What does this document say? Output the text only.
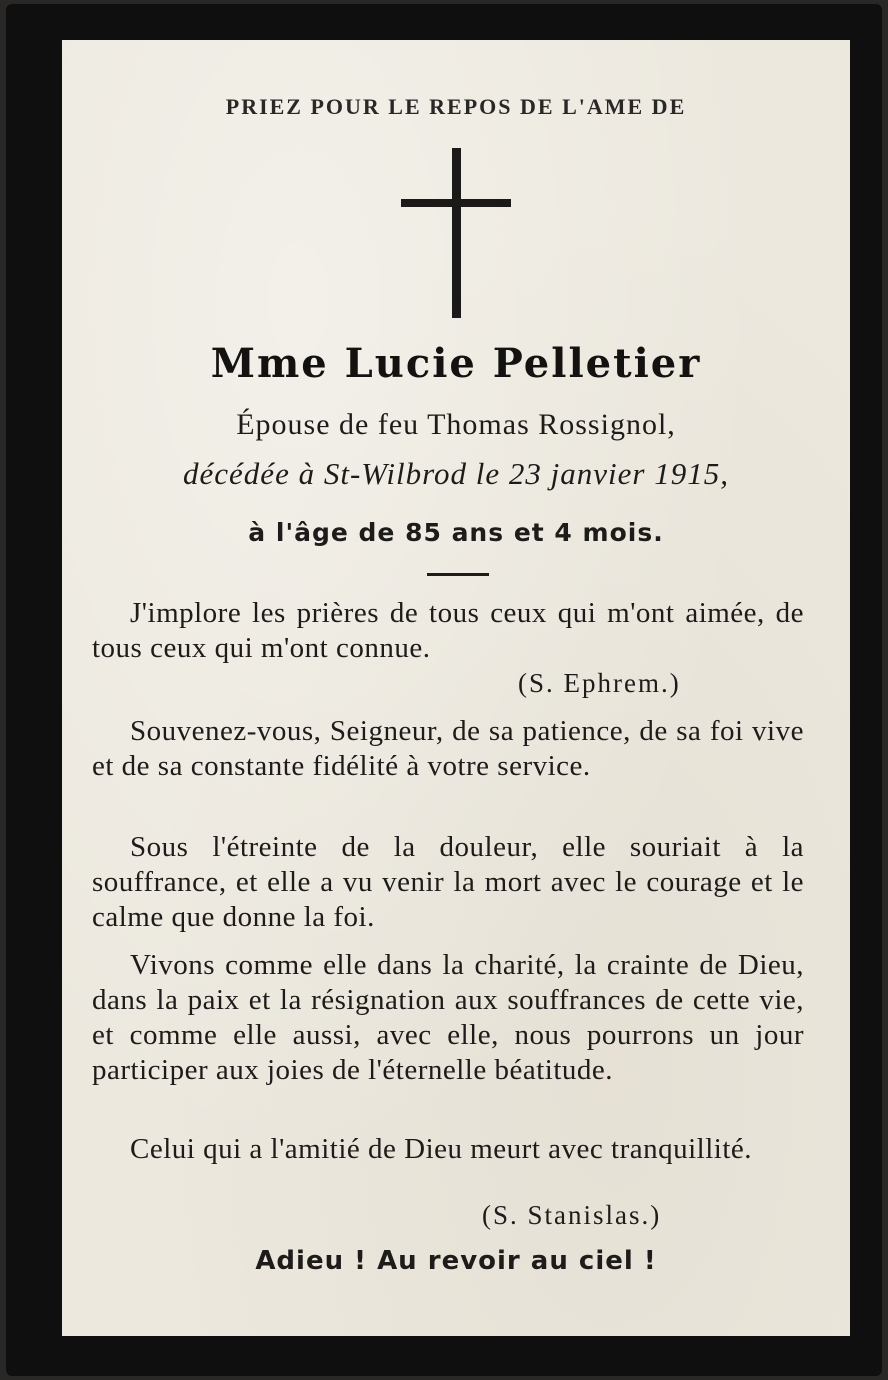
PRIEZ POUR LE REPOS DE L'AME DE
Mme Lucie Pelletier
Épouse de feu Thomas Rossignol,
décédée à St-Wilbrod le 23 janvier 1915,
à l'âge de 85 ans et 4 mois.

J'implore les prières de tous ceux qui m'ont aimée, de tous ceux qui m'ont connue.

(S. Ephrem.)

Souvenez-vous, Seigneur, de sa patience, de sa foi vive et de sa constante fidélité à votre service.

Sous l'étreinte de la douleur, elle souriait à la souffrance, et elle a vu venir la mort avec le courage et le calme que donne la foi.

Vivons comme elle dans la charité, la crainte de Dieu, dans la paix et la résignation aux souffrances de cette vie, et comme elle aussi, avec elle, nous pourrons un jour participer aux joies de l'éternelle béatitude.

Celui qui a l'amitié de Dieu meurt avec tranquillité.

(S. Stanislas.)
Adieu ! Au revoir au ciel !
